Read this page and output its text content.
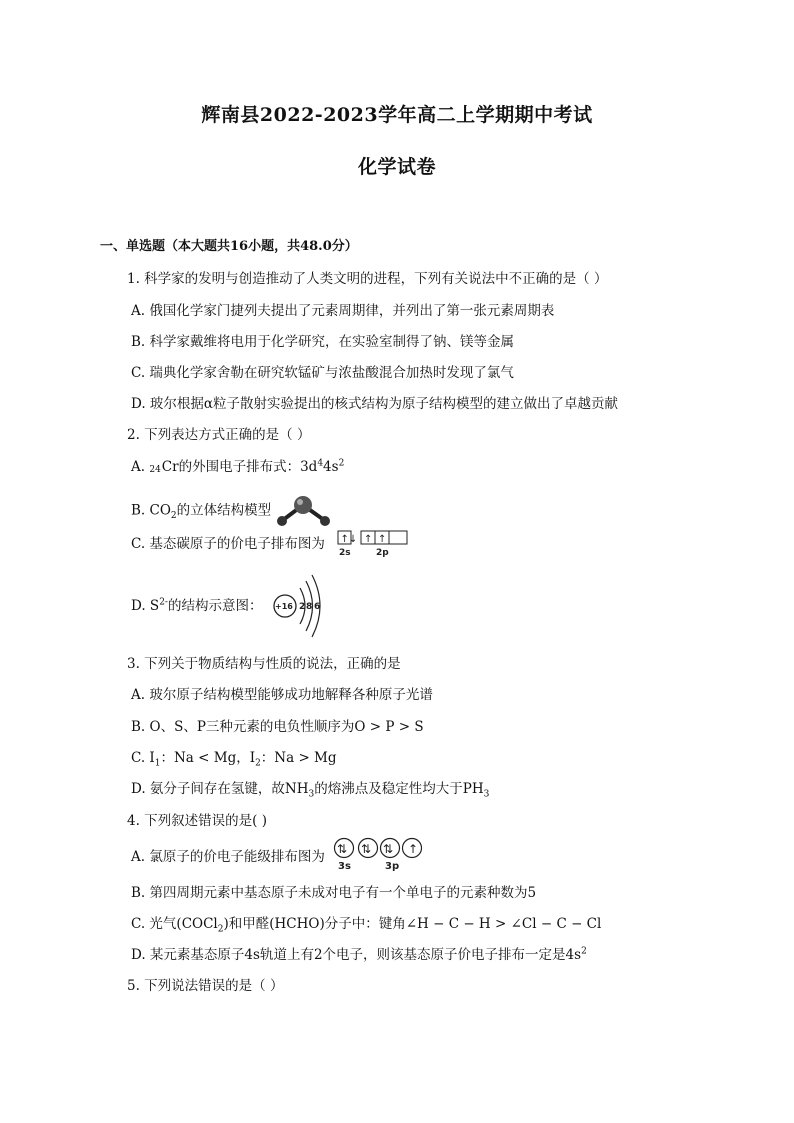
辉南县2022-2023学年高二上学期期中考试
化学试卷
一、单选题（本大题共16小题，共48.0分）
1. 科学家的发明与创造推动了人类文明的进程，下列有关说法中不正确的是（ ）
A. 俄国化学家门捷列夫提出了元素周期律，并列出了第一张元素周期表
B. 科学家戴维将电用于化学研究，在实验室制得了钠、镁等金属
C. 瑞典化学家舍勒在研究软锰矿与浓盐酸混合加热时发现了氯气
D. 玻尔根据α粒子散射实验提出的核式结构为原子结构模型的建立做出了卓越贡献
2. 下列表达方式正确的是（ ）
A. 24Cr的外围电子排布式：$3d^44s^2$
B. $CO_2$的立体结构模型
C. 基态碳原子的价电子排布图为 ↑↓ ↑ ↑
2s	2p
D. $S^{2-}$的结构示意图： +16 2 8 6
3. 下列关于物质结构与性质的说法，正确的是
A. 玻尔原子结构模型能够成功地解释各种原子光谱
B. O、S、P三种元素的电负性顺序为O > P > S
C. $I_1$：Na < Mg，$I_2$：Na > Mg
D. 氨分子间存在氢键，故$NH_3$的熔沸点及稳定性均大于$PH_3$
4. 下列叙述错误的是( )
A. 氯原子的价电子能级排布图为 ⇅ ⇅ ⇅ ↑
3s	3p
B. 第四周期元素中基态原子未成对电子有一个单电子的元素种数为5
C. 光气(COCl$_2$)和甲醛(HCHO)分子中：键角∠H − C − H > ∠Cl − C − Cl
D. 某元素基态原子4s轨道上有2个电子，则该基态原子价电子排布一定是$4s^2$
5. 下列说法错误的是（ ）
